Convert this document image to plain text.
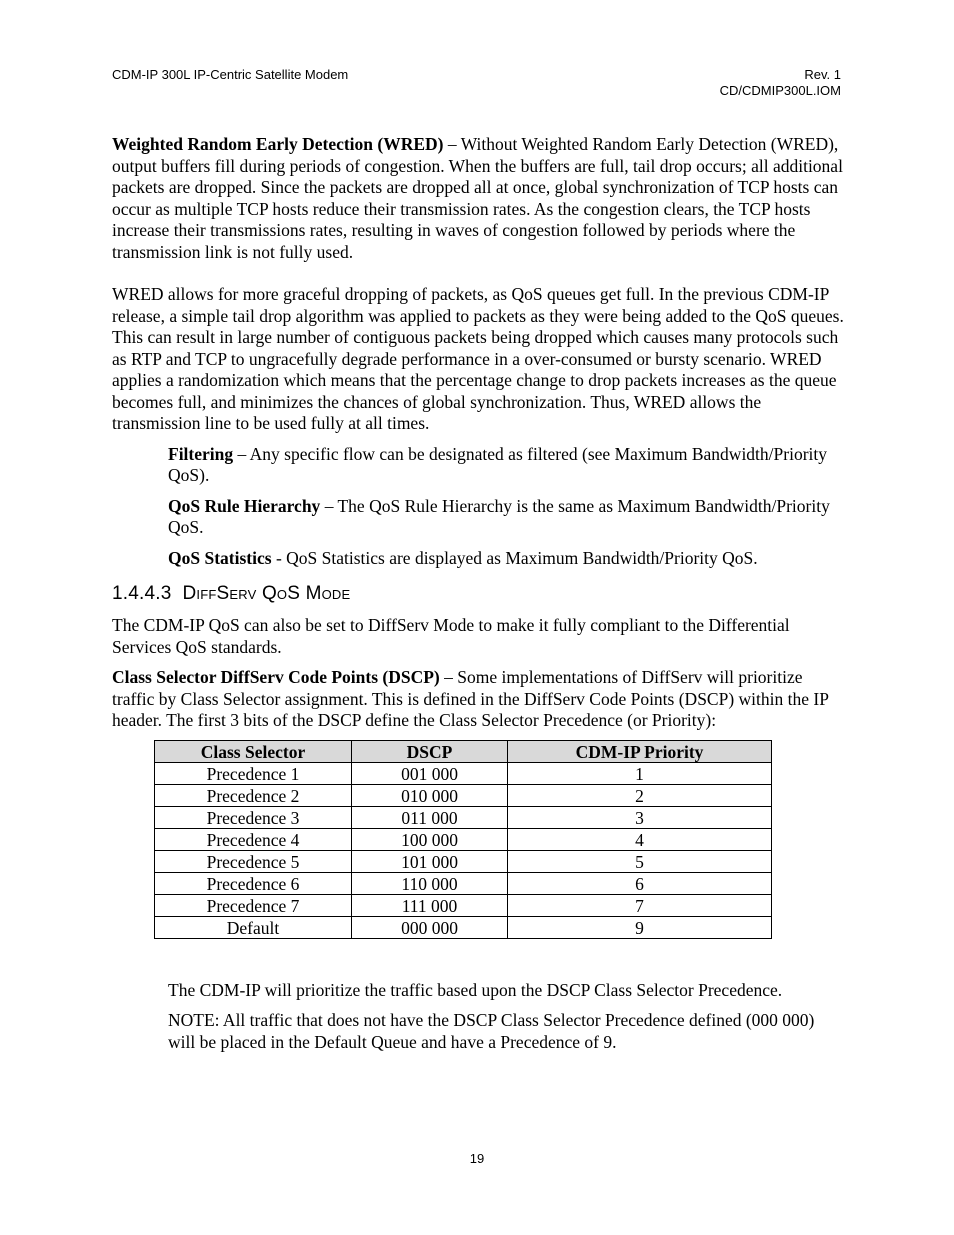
CDM-IP 300L IP-Centric Satellite Modem	Rev. 1
CD/CDMIP300L.IOM

Weighted Random Early Detection (WRED) – Without Weighted Random Early Detection (WRED), output buffers fill during periods of congestion. When the buffers are full, tail drop occurs; all additional packets are dropped. Since the packets are dropped all at once, global synchronization of TCP hosts can occur as multiple TCP hosts reduce their transmission rates. As the congestion clears, the TCP hosts increase their transmissions rates, resulting in waves of congestion followed by periods where the transmission link is not fully used.

WRED allows for more graceful dropping of packets, as QoS queues get full. In the previous CDM-IP release, a simple tail drop algorithm was applied to packets as they were being added to the QoS queues. This can result in large number of contiguous packets being dropped which causes many protocols such as RTP and TCP to ungracefully degrade performance in a over-consumed or bursty scenario. WRED applies a randomization which means that the percentage change to drop packets increases as the queue becomes full, and minimizes the chances of global synchronization. Thus, WRED allows the transmission line to be used fully at all times.

Filtering – Any specific flow can be designated as filtered (see Maximum Bandwidth/Priority QoS).

QoS Rule Hierarchy – The QoS Rule Hierarchy is the same as Maximum Bandwidth/Priority QoS.

QoS Statistics - QoS Statistics are displayed as Maximum Bandwidth/Priority QoS.

1.4.4.3 DiffServ QoS Mode

The CDM-IP QoS can also be set to DiffServ Mode to make it fully compliant to the Differential Services QoS standards.

Class Selector DiffServ Code Points (DSCP) – Some implementations of DiffServ will prioritize traffic by Class Selector assignment. This is defined in the DiffServ Code Points (DSCP) within the IP header. The first 3 bits of the DSCP define the Class Selector Precedence (or Priority):

Class Selector	DSCP	CDM-IP Priority
Precedence 1	001 000	1
Precedence 2	010 000	2
Precedence 3	011 000	3
Precedence 4	100 000	4
Precedence 5	101 000	5
Precedence 6	110 000	6
Precedence 7	111 000	7
Default	000 000	9

The CDM-IP will prioritize the traffic based upon the DSCP Class Selector Precedence.

NOTE: All traffic that does not have the DSCP Class Selector Precedence defined (000 000) will be placed in the Default Queue and have a Precedence of 9.

19
